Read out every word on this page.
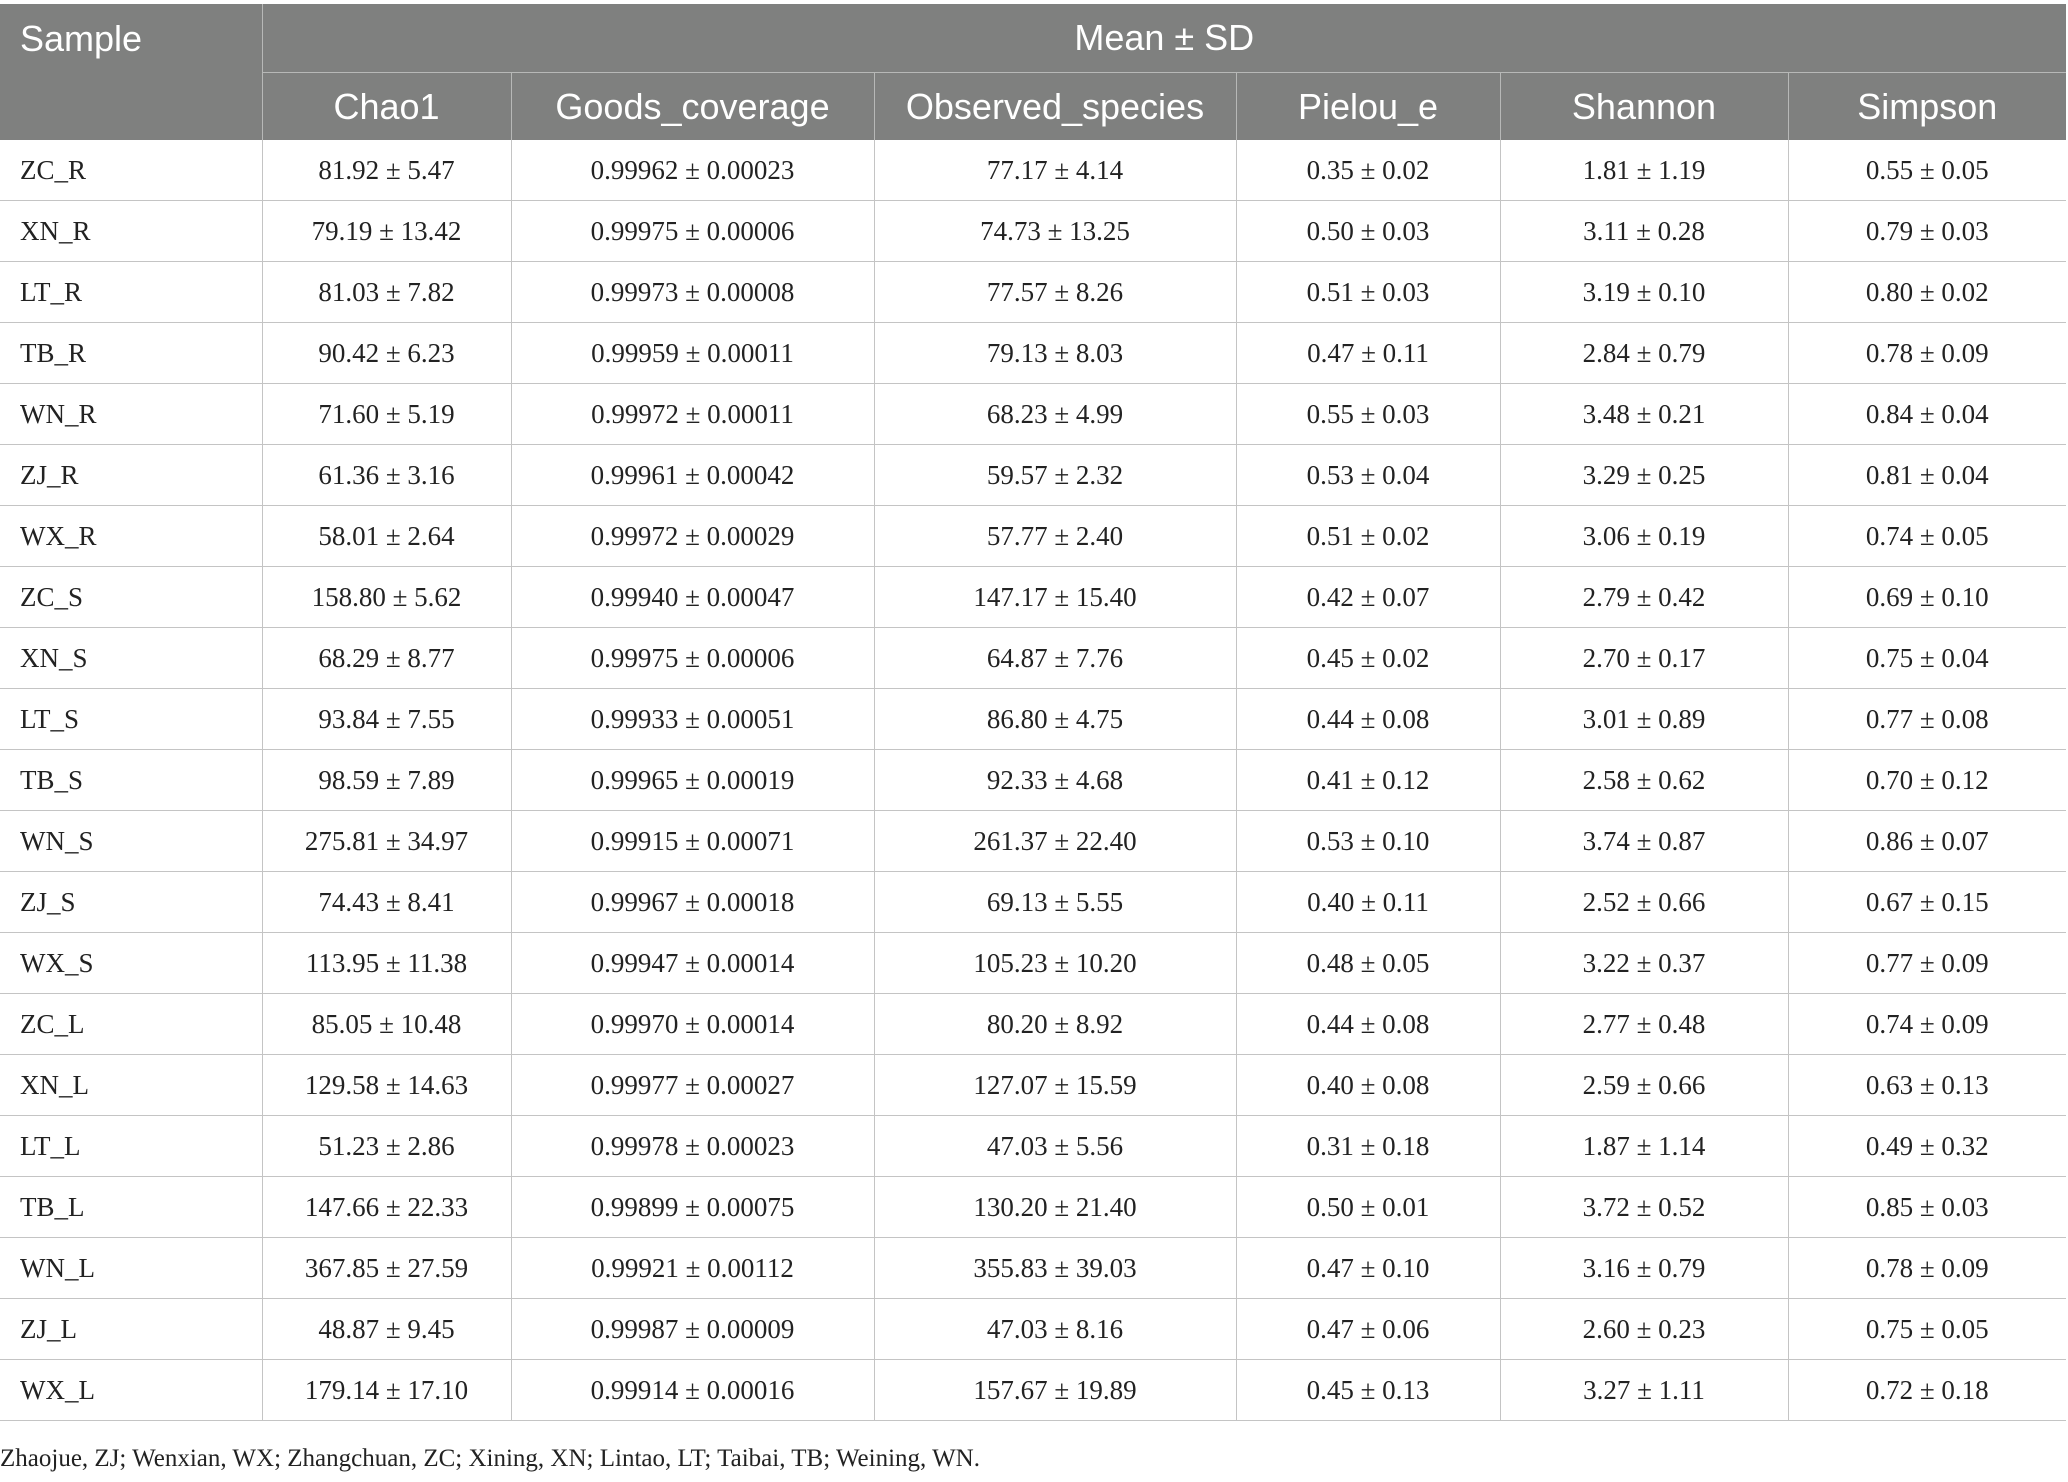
Sample	Mean ± SD					
	Chao1	Goods_coverage	Observed_species	Pielou_e	Shannon	Simpson
ZC_R	81.92 ± 5.47	0.99962 ± 0.00023	77.17 ± 4.14	0.35 ± 0.02	1.81 ± 1.19	0.55 ± 0.05
XN_R	79.19 ± 13.42	0.99975 ± 0.00006	74.73 ± 13.25	0.50 ± 0.03	3.11 ± 0.28	0.79 ± 0.03
LT_R	81.03 ± 7.82	0.99973 ± 0.00008	77.57 ± 8.26	0.51 ± 0.03	3.19 ± 0.10	0.80 ± 0.02
TB_R	90.42 ± 6.23	0.99959 ± 0.00011	79.13 ± 8.03	0.47 ± 0.11	2.84 ± 0.79	0.78 ± 0.09
WN_R	71.60 ± 5.19	0.99972 ± 0.00011	68.23 ± 4.99	0.55 ± 0.03	3.48 ± 0.21	0.84 ± 0.04
ZJ_R	61.36 ± 3.16	0.99961 ± 0.00042	59.57 ± 2.32	0.53 ± 0.04	3.29 ± 0.25	0.81 ± 0.04
WX_R	58.01 ± 2.64	0.99972 ± 0.00029	57.77 ± 2.40	0.51 ± 0.02	3.06 ± 0.19	0.74 ± 0.05
ZC_S	158.80 ± 5.62	0.99940 ± 0.00047	147.17 ± 15.40	0.42 ± 0.07	2.79 ± 0.42	0.69 ± 0.10
XN_S	68.29 ± 8.77	0.99975 ± 0.00006	64.87 ± 7.76	0.45 ± 0.02	2.70 ± 0.17	0.75 ± 0.04
LT_S	93.84 ± 7.55	0.99933 ± 0.00051	86.80 ± 4.75	0.44 ± 0.08	3.01 ± 0.89	0.77 ± 0.08
TB_S	98.59 ± 7.89	0.99965 ± 0.00019	92.33 ± 4.68	0.41 ± 0.12	2.58 ± 0.62	0.70 ± 0.12
WN_S	275.81 ± 34.97	0.99915 ± 0.00071	261.37 ± 22.40	0.53 ± 0.10	3.74 ± 0.87	0.86 ± 0.07
ZJ_S	74.43 ± 8.41	0.99967 ± 0.00018	69.13 ± 5.55	0.40 ± 0.11	2.52 ± 0.66	0.67 ± 0.15
WX_S	113.95 ± 11.38	0.99947 ± 0.00014	105.23 ± 10.20	0.48 ± 0.05	3.22 ± 0.37	0.77 ± 0.09
ZC_L	85.05 ± 10.48	0.99970 ± 0.00014	80.20 ± 8.92	0.44 ± 0.08	2.77 ± 0.48	0.74 ± 0.09
XN_L	129.58 ± 14.63	0.99977 ± 0.00027	127.07 ± 15.59	0.40 ± 0.08	2.59 ± 0.66	0.63 ± 0.13
LT_L	51.23 ± 2.86	0.99978 ± 0.00023	47.03 ± 5.56	0.31 ± 0.18	1.87 ± 1.14	0.49 ± 0.32
TB_L	147.66 ± 22.33	0.99899 ± 0.00075	130.20 ± 21.40	0.50 ± 0.01	3.72 ± 0.52	0.85 ± 0.03
WN_L	367.85 ± 27.59	0.99921 ± 0.00112	355.83 ± 39.03	0.47 ± 0.10	3.16 ± 0.79	0.78 ± 0.09
ZJ_L	48.87 ± 9.45	0.99987 ± 0.00009	47.03 ± 8.16	0.47 ± 0.06	2.60 ± 0.23	0.75 ± 0.05
WX_L	179.14 ± 17.10	0.99914 ± 0.00016	157.67 ± 19.89	0.45 ± 0.13	3.27 ± 1.11	0.72 ± 0.18
Zhaojue, ZJ; Wenxian, WX; Zhangchuan, ZC; Xining, XN; Lintao, LT; Taibai, TB; Weining, WN.
